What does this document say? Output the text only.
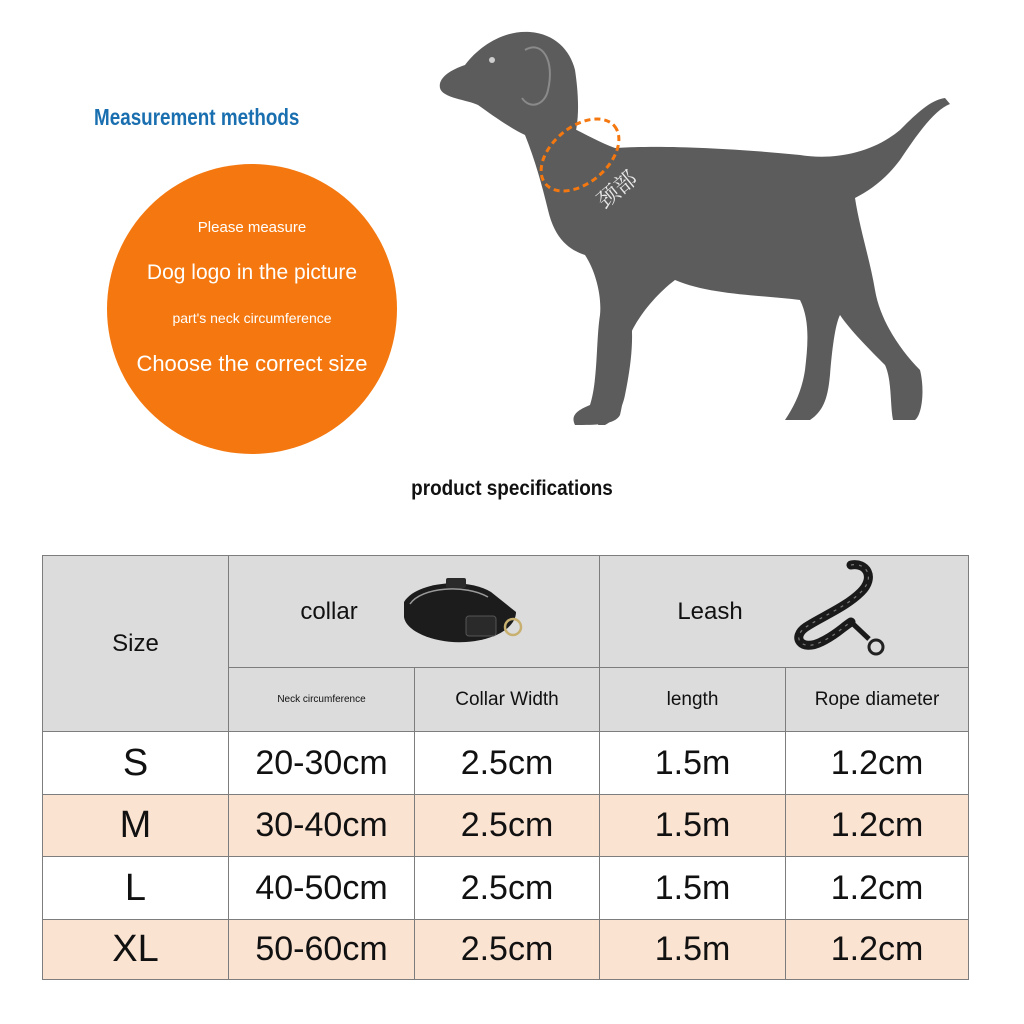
Measurement methods
Please measure
Dog logo in the picture
part's neck circumference
Choose the correct size
颈部
product specifications
Size	collar		Leash	

	Neck circumference	Collar Width	length	Rope diameter
S	20-30cm	2.5cm	1.5m	1.2cm
M	30-40cm	2.5cm	1.5m	1.2cm
L	40-50cm	2.5cm	1.5m	1.2cm
XL	50-60cm	2.5cm	1.5m	1.2cm
